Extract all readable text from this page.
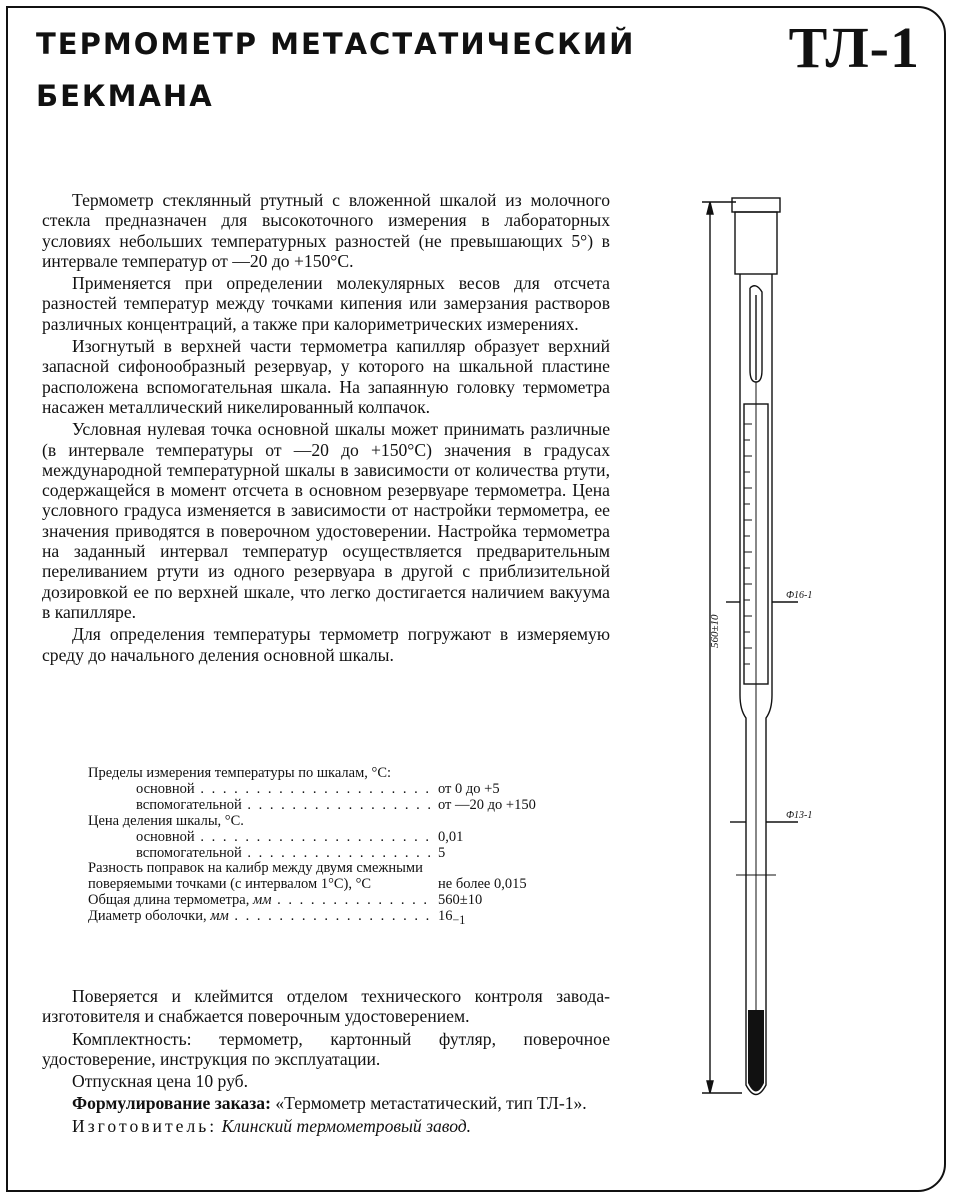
ТЕРМОМЕТР МЕТАСТАТИЧЕСКИЙ
БЕКМАНА
ТЛ-1

Термометр стеклянный ртутный с вложенной шкалой из молочного стекла предназначен для высокоточного измерения в лабораторных условиях небольших температурных разностей (не превышающих 5°) в интервале температур от —20 до +150°С.

Применяется при определении молекулярных весов для отсчета разностей температур между точками кипения или замерзания растворов различных концентраций, а также при калориметрических измерениях.

Изогнутый в верхней части термометра капилляр образует верхний запасной сифонообразный резервуар, у которого на шкальной пластине расположена вспомогательная шкала. На запаянную головку термометра насажен металлический никелированный колпачок.

Условная нулевая точка основной шкалы может принимать различные (в интервале температуры от —20 до +150°С) значения в градусах международной температурной шкалы в зависимости от количества ртути, содержащейся в момент отсчета в основном резервуаре термометра. Цена условного градуса изменяется в зависимости от настройки термометра, ее значения приводятся в поверочном удостоверении. Настройка термометра на заданный интервал температур осуществляется предварительным переливанием ртути из одного резервуара в другой с приблизительной дозировкой ее по верхней шкале, что легко достигается наличием вакуума в капилляре.

Для определения температуры термометр погружают в измеряемую среду до начального деления основной шкалы.

Пределы измерения температуры по шкалам, °С:
основной . . .	от 0 до +5
вспомогательной . . .	от —20 до +150
Цена деления шкалы, °С.
основной . . .	0,01
вспомогательной . . .	5
Разность поправок на калибр между двумя смежными поверяемыми точками (с интервалом 1°С), °С	не более 0,015
Общая длина термометра, мм . . .	560±10
Диаметр оболочки, мм . . .	$16_{-1}$

Поверяется и клеймится отделом технического контроля завода-изготовителя и снабжается поверочным удостоверением.

Комплектность: термометр, картонный футляр, поверочное удостоверение, инструкция по эксплуатации.

Отпускная цена 10 руб.

Формулирование заказа: «Термометр метастатический, тип ТЛ-1».

Изготовитель: Клинский термометровый завод.

560±10
Ф16-1
Ф13-1
